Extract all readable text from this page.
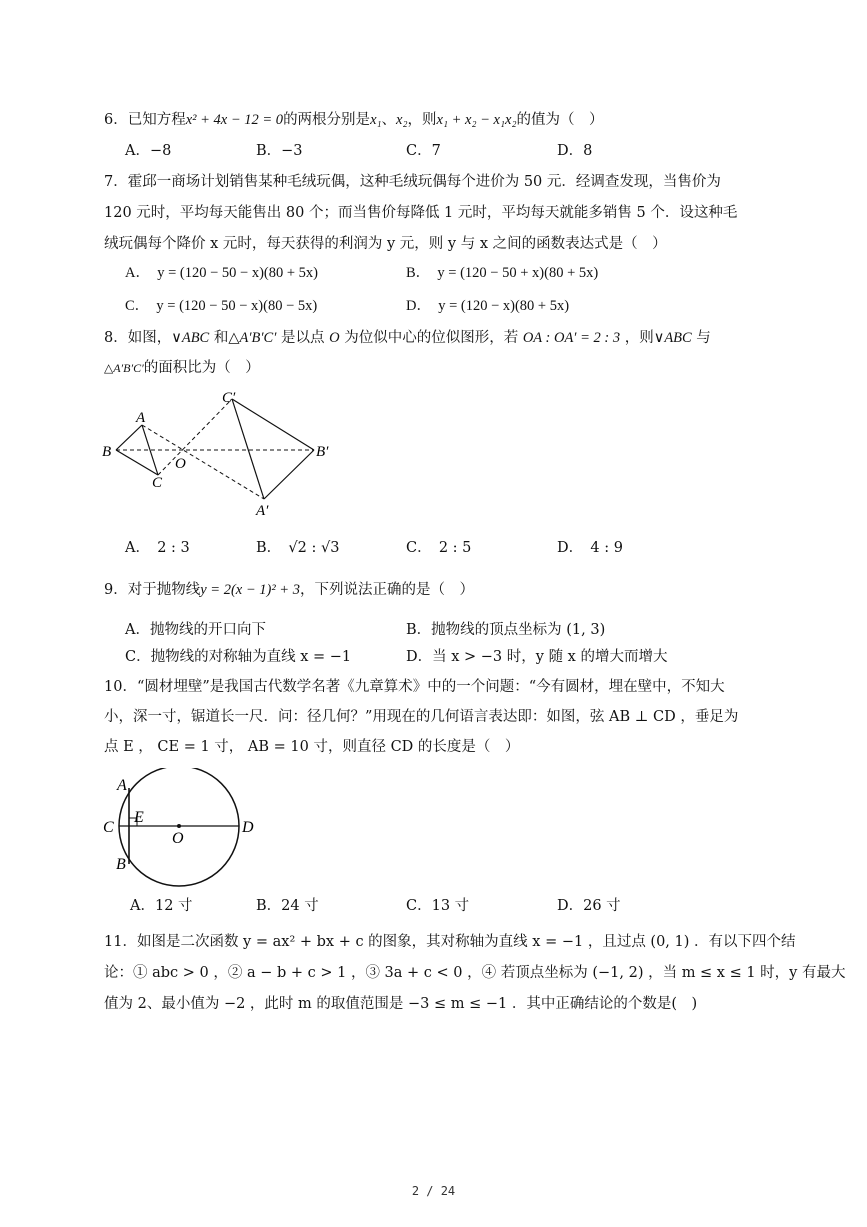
6．已知方程x² + 4x − 12 = 0的两根分别是x₁、x₂，则x₁ + x₂ − x₁x₂的值为（　）
A．−8	B．−3	C．7	D．8
7．霍邱一商场计划销售某种毛绒玩偶，这种毛绒玩偶每个进价为 50 元．经调查发现，当售价为
120 元时，平均每天能售出 80 个；而当售价每降低 1 元时，平均每天就能多销售 5 个．设这种毛
绒玩偶每个降价 x 元时，每天获得的利润为 y 元，则 y 与 x 之间的函数表达式是（　）
A．　y = (120 − 50 − x)(80 + 5x)	B．　y = (120 − 50 + x)(80 + 5x)
C．　y = (120 − 50 − x)(80 − 5x)	D．　y = (120 − x)(80 + 5x)
8．如图，∨ABC 和△A′B′C′ 是以点 O 为位似中心的位似图形，若 OA : OA′ = 2 : 3 ，则∨ABC 与
△A′B′C′的面积比为（　）
A
B
C
O
C′
B′
A′
A．　2 : 3	B．　√2 : √3	C．　2 : 5	D．　4 : 9
9．对于抛物线y = 2(x − 1)² + 3，下列说法正确的是（　）
A．抛物线的开口向下	B．抛物线的顶点坐标为 (1, 3)
C．抛物线的对称轴为直线 x = −1	D．当 x > −3 时，y 随 x 的增大而增大
10．“圆材埋壁”是我国古代数学名著《九章算术》中的一个问题：“今有圆材，埋在壁中，不知大
小，深一寸，锯道长一尺．问：径几何？”用现在的几何语言表达即：如图，弦 AB ⊥ CD ，垂足为
点 E ， CE = 1 寸， AB = 10 寸，则直径 CD 的长度是（　）
A
B
C	D
E
O
A．12 寸	B．24 寸	C．13 寸	D．26 寸
11．如图是二次函数 y = ax² + bx + c 的图象，其对称轴为直线 x = −1 ，且过点 (0, 1) ．有以下四个结
论：① abc > 0 ，② a − b + c > 1 ，③ 3a + c < 0 ，④ 若顶点坐标为 (−1, 2) ，当 m ≤ x ≤ 1 时，y 有最大
值为 2、最小值为 −2 ，此时 m 的取值范围是 −3 ≤ m ≤ −1 ．其中正确结论的个数是(　)
2 / 24
